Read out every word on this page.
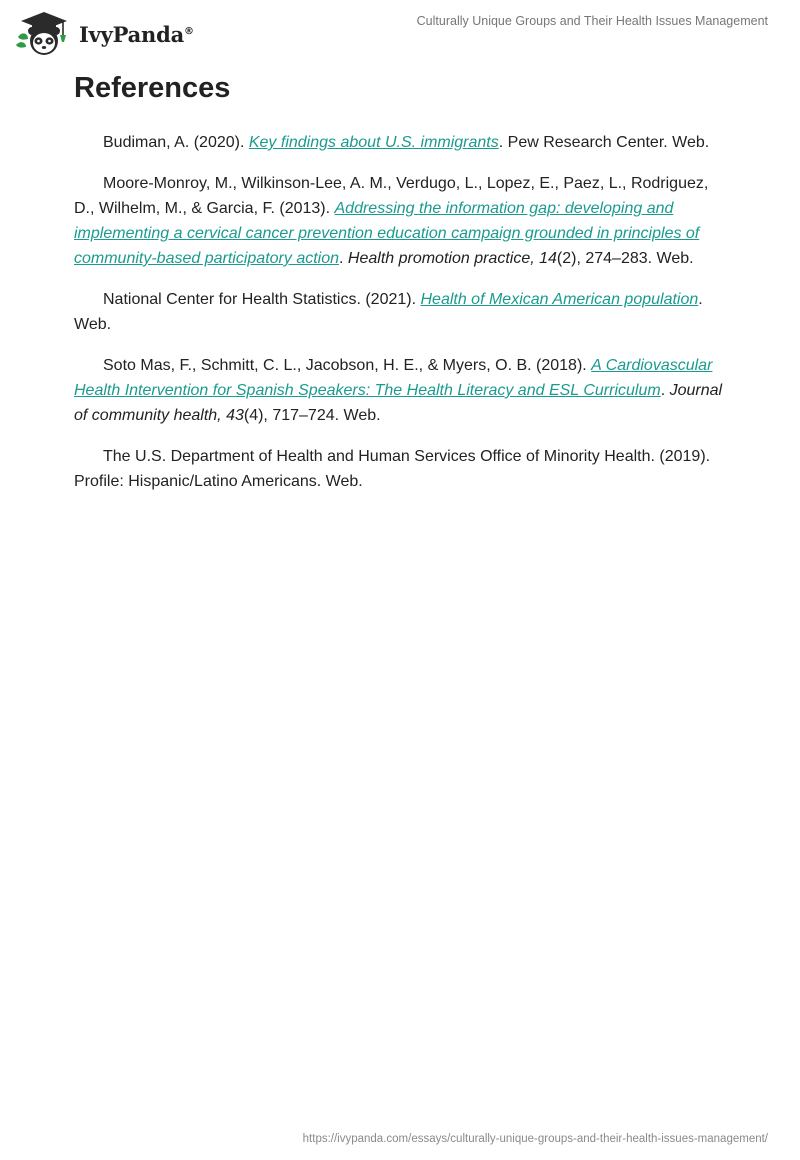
IvyPanda®
Culturally Unique Groups and Their Health Issues Management
References

Budiman, A. (2020). Key findings about U.S. immigrants. Pew Research Center. Web.

Moore-Monroy, M., Wilkinson-Lee, A. M., Verdugo, L., Lopez, E., Paez, L., Rodriguez, D., Wilhelm, M., & Garcia, F. (2013). Addressing the information gap: developing and implementing a cervical cancer prevention education campaign grounded in principles of community-based participatory action. Health promotion practice, 14(2), 274–283. Web.

National Center for Health Statistics. (2021). Health of Mexican American population. Web.

Soto Mas, F., Schmitt, C. L., Jacobson, H. E., & Myers, O. B. (2018). A Cardiovascular Health Intervention for Spanish Speakers: The Health Literacy and ESL Curriculum. Journal of community health, 43(4), 717–724. Web.

The U.S. Department of Health and Human Services Office of Minority Health. (2019). Profile: Hispanic/Latino Americans. Web.

https://ivypanda.com/essays/culturally-unique-groups-and-their-health-issues-management/
